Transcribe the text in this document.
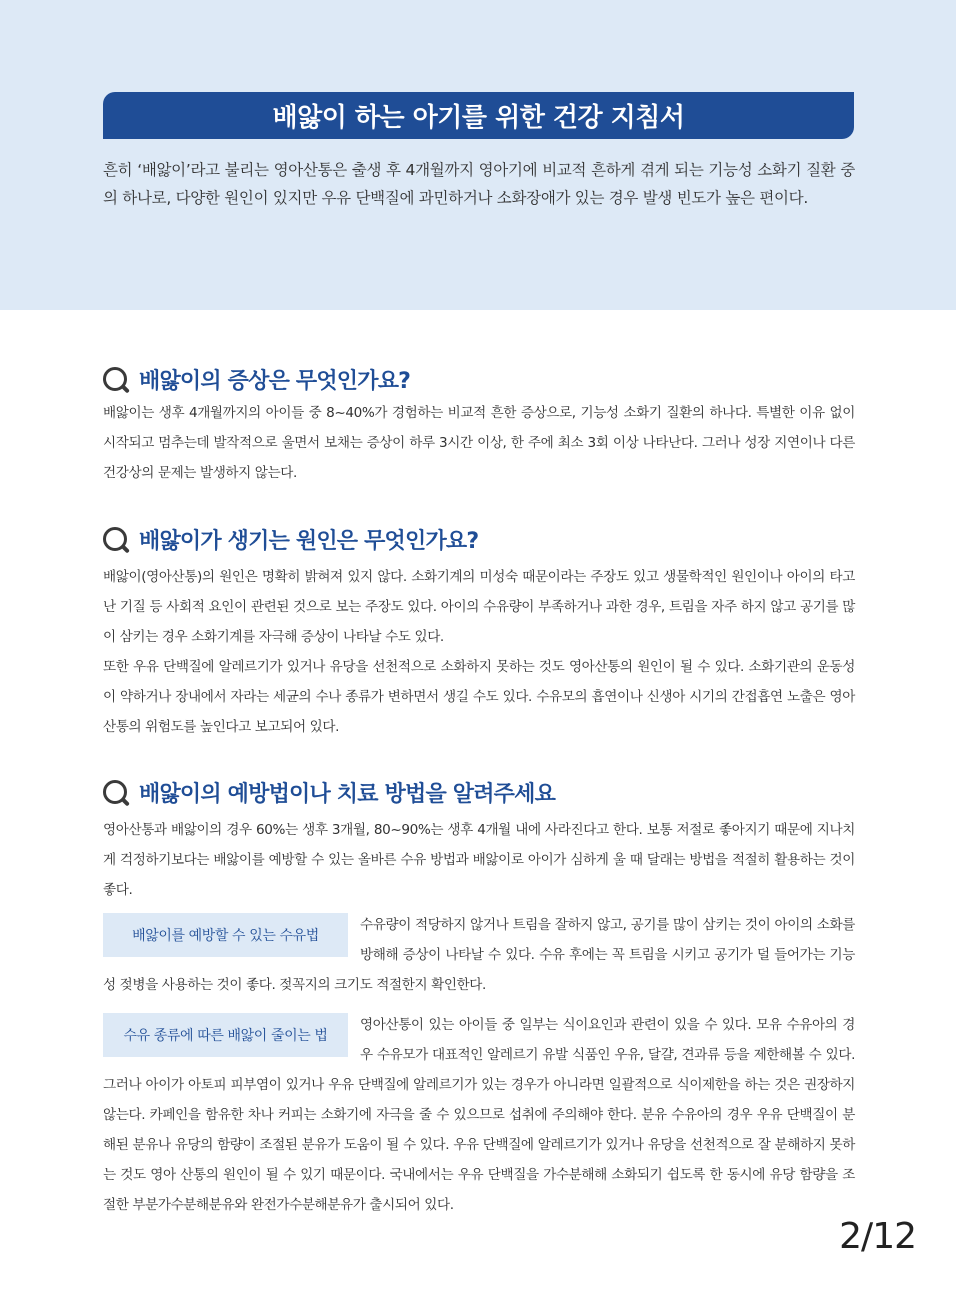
배앓이 하는 아기를 위한 건강 지침서

흔히 ‘배앓이’라고 불리는 영아산통은 출생 후 4개월까지 영아기에 비교적 흔하게 겪게 되는 기능성 소화기 질환 중의 하나로, 다양한 원인이 있지만 우유 단백질에 과민하거나 소화장애가 있는 경우 발생 빈도가 높은 편이다.

배앓이의 증상은 무엇인가요?

배앓이는 생후 4개월까지의 아이들 중 8~40%가 경험하는 비교적 흔한 증상으로, 기능성 소화기 질환의 하나다. 특별한 이유 없이 시작되고 멈추는데 발작적으로 울면서 보채는 증상이 하루 3시간 이상, 한 주에 최소 3회 이상 나타난다. 그러나 성장 지연이나 다른 건강상의 문제는 발생하지 않는다.

배앓이가 생기는 원인은 무엇인가요?

배앓이(영아산통)의 원인은 명확히 밝혀져 있지 않다. 소화기계의 미성숙 때문이라는 주장도 있고 생물학적인 원인이나 아이의 타고난 기질 등 사회적 요인이 관련된 것으로 보는 주장도 있다. 아이의 수유량이 부족하거나 과한 경우, 트림을 자주 하지 않고 공기를 많이 삼키는 경우 소화기계를 자극해 증상이 나타날 수도 있다.

또한 우유 단백질에 알레르기가 있거나 유당을 선천적으로 소화하지 못하는 것도 영아산통의 원인이 될 수 있다. 소화기관의 운동성이 약하거나 장내에서 자라는 세균의 수나 종류가 변하면서 생길 수도 있다. 수유모의 흡연이나 신생아 시기의 간접흡연 노출은 영아산통의 위험도를 높인다고 보고되어 있다.

배앓이의 예방법이나 치료 방법을 알려주세요

영아산통과 배앓이의 경우 60%는 생후 3개월, 80~90%는 생후 4개월 내에 사라진다고 한다. 보통 저절로 좋아지기 때문에 지나치게 걱정하기보다는 배앓이를 예방할 수 있는 올바른 수유 방법과 배앓이로 아이가 심하게 울 때 달래는 방법을 적절히 활용하는 것이 좋다.

배앓이를 예방할 수 있는 수유법

수유량이 적당하지 않거나 트림을 잘하지 않고, 공기를 많이 삼키는 것이 아이의 소화를 방해해 증상이 나타날 수 있다. 수유 후에는 꼭 트림을 시키고 공기가 덜 들어가는 기능성 젖병을 사용하는 것이 좋다. 젖꼭지의 크기도 적절한지 확인한다.

수유 종류에 따른 배앓이 줄이는 법

영아산통이 있는 아이들 중 일부는 식이요인과 관련이 있을 수 있다. 모유 수유아의 경우 수유모가 대표적인 알레르기 유발 식품인 우유, 달걀, 견과류 등을 제한해볼 수 있다. 그러나 아이가 아토피 피부염이 있거나 우유 단백질에 알레르기가 있는 경우가 아니라면 일괄적으로 식이제한을 하는 것은 권장하지 않는다. 카페인을 함유한 차나 커피는 소화기에 자극을 줄 수 있으므로 섭취에 주의해야 한다. 분유 수유아의 경우 우유 단백질이 분해된 분유나 유당의 함량이 조절된 분유가 도움이 될 수 있다. 우유 단백질에 알레르기가 있거나 유당을 선천적으로 잘 분해하지 못하는 것도 영아 산통의 원인이 될 수 있기 때문이다. 국내에서는 우유 단백질을 가수분해해 소화되기 쉽도록 한 동시에 유당 함량을 조절한 부분가수분해분유와 완전가수분해분유가 출시되어 있다.

2/12
